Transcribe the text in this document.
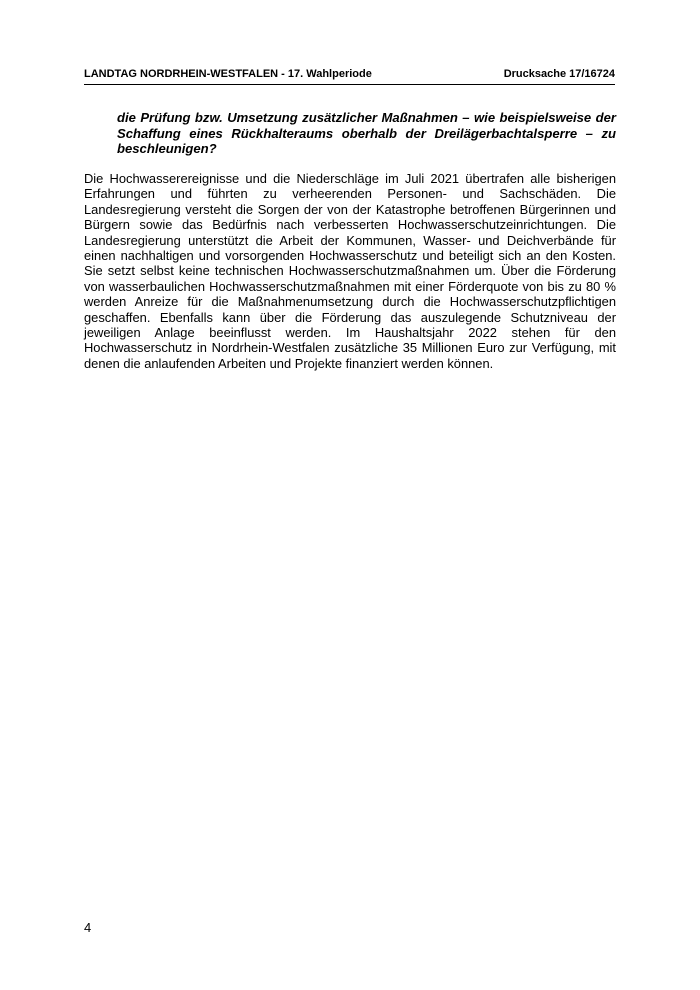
LANDTAG NORDRHEIN-WESTFALEN - 17. Wahlperiode	Drucksache 17/16724

die Prüfung bzw. Umsetzung zusätzlicher Maßnahmen – wie beispielsweise der Schaffung eines Rückhalteraums oberhalb der Dreilägerbachtalsperre – zu beschleunigen?

Die Hochwasserereignisse und die Niederschläge im Juli 2021 übertrafen alle bisherigen Erfahrungen und führten zu verheerenden Personen- und Sachschäden. Die Landesregierung versteht die Sorgen der von der Katastrophe betroffenen Bürgerinnen und Bürgern sowie das Bedürfnis nach verbesserten Hochwasserschutzeinrichtungen. Die Landesregierung unterstützt die Arbeit der Kommunen, Wasser- und Deichverbände für einen nachhaltigen und vorsorgenden Hochwasserschutz und beteiligt sich an den Kosten. Sie setzt selbst keine technischen Hochwasserschutzmaßnahmen um. Über die Förderung von wasserbaulichen Hochwasserschutzmaßnahmen mit einer Förderquote von bis zu 80 % werden Anreize für die Maßnahmenumsetzung durch die Hochwasserschutzpflichtigen geschaffen. Ebenfalls kann über die Förderung das auszulegende Schutzniveau der jeweiligen Anlage beeinflusst werden. Im Haushaltsjahr 2022 stehen für den Hochwasserschutz in Nordrhein-Westfalen zusätzliche 35 Millionen Euro zur Verfügung, mit denen die anlaufenden Arbeiten und Projekte finanziert werden können.

4
